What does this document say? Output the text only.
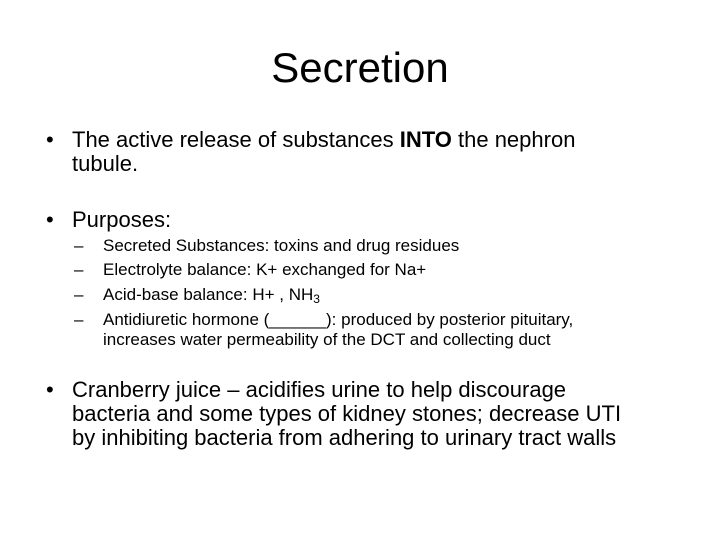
Secretion
• The active release of substances INTO the nephron
tubule.
• Purposes:
– Secreted Substances: toxins and drug residues
– Electrolyte balance: K+ exchanged for Na+
– Acid-base balance: H+ , $NH_3$
– Antidiuretic hormone (______): produced by posterior pituitary,
increases water permeability of the DCT and collecting duct
• Cranberry juice – acidifies urine to help discourage
bacteria and some types of kidney stones; decrease UTI
by inhibiting bacteria from adhering to urinary tract walls
